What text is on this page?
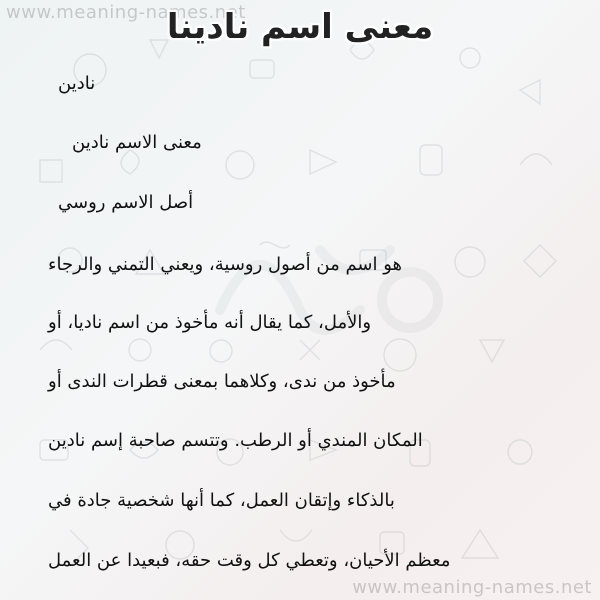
www.meaning-names.net
www.meaning-names.net
معنى اسم نادينا
نادين
معنى الاسم نادين
أصل الاسم روسي
هو اسم من أصول روسية، ويعني التمني والرجاء
والأمل، كما يقال أنه مأخوذ من اسم ناديا، أو
مأخوذ من ندى، وكلاهما بمعنى قطرات الندى أو
المكان المندي أو الرطب. وتتسم صاحبة إسم نادين
بالذكاء وإتقان العمل، كما أنها شخصية جادة في
معظم الأحيان، وتعطي كل وقت حقه، فبعيدا عن العمل
